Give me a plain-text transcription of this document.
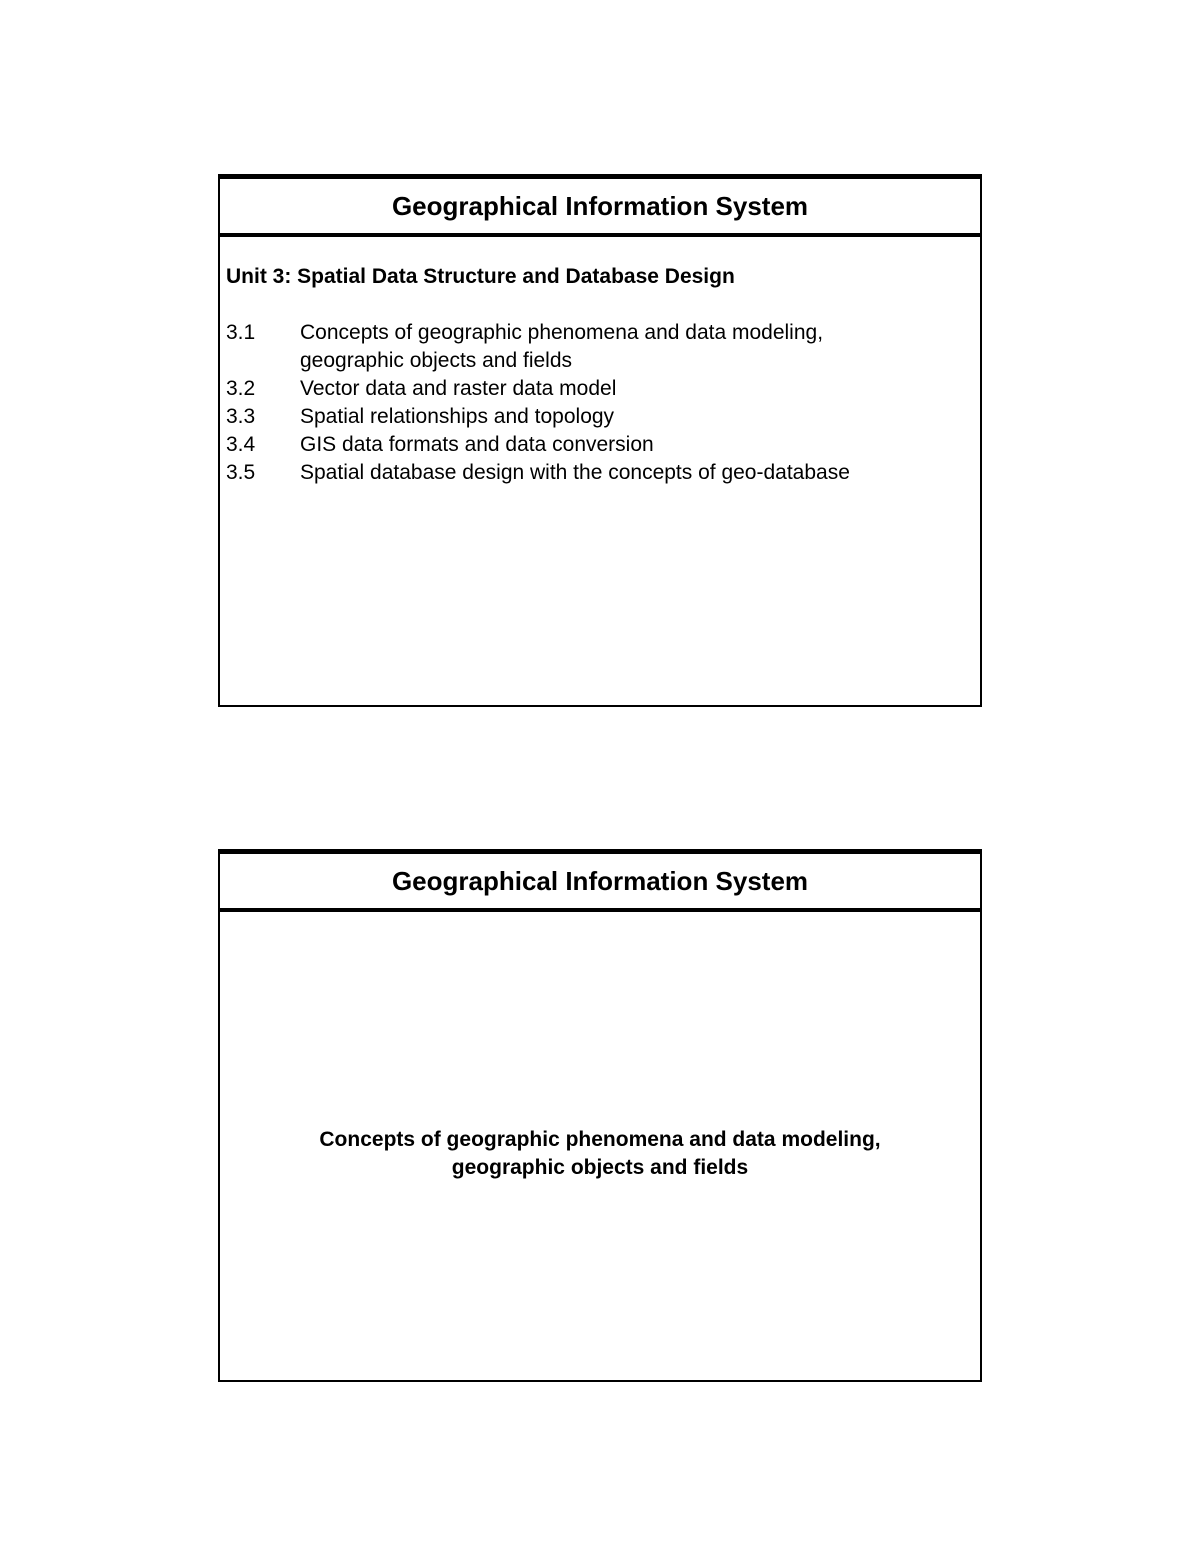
Geographical Information System
Unit 3: Spatial Data Structure and Database Design
3.1	Concepts of geographic phenomena and data modeling,
geographic objects and fields
3.2	Vector data and raster data model
3.3	Spatial relationships and topology
3.4	GIS data formats and data conversion
3.5	Spatial database design with the concepts of geo-database
Geographical Information System
Concepts of geographic phenomena and data modeling,
geographic objects and fields
